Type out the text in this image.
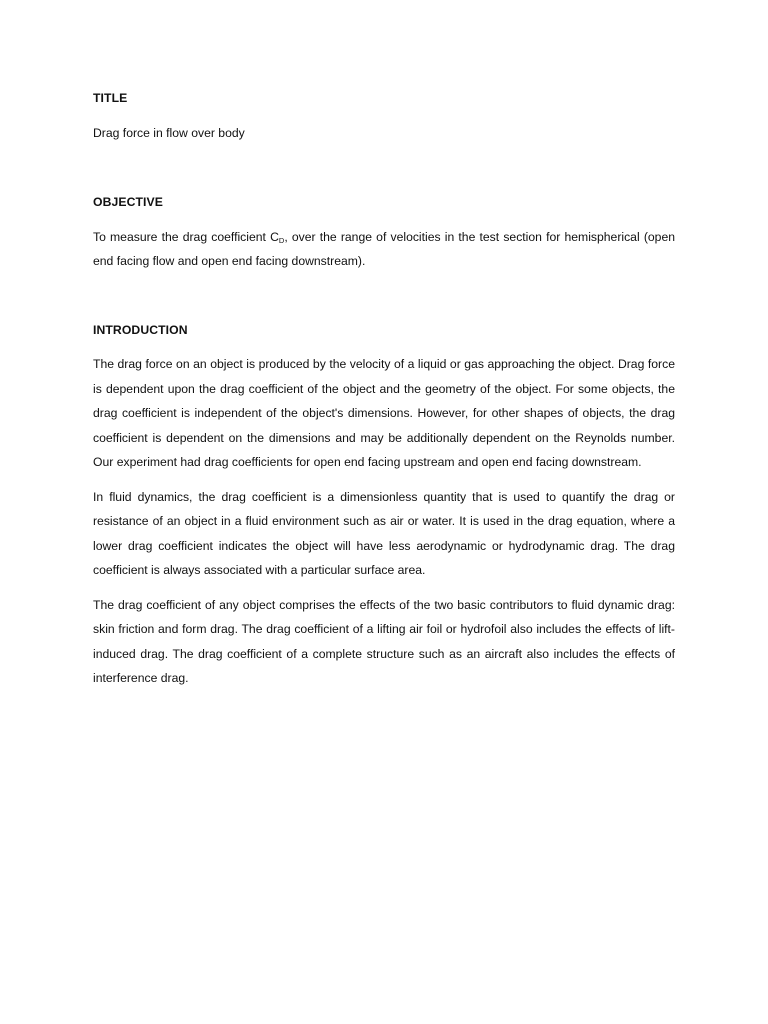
TITLE

Drag force in flow over body

OBJECTIVE

To measure the drag coefficient $C_D$, over the range of velocities in the test section for hemispherical (open end facing flow and open end facing downstream).

INTRODUCTION

The drag force on an object is produced by the velocity of a liquid or gas approaching the object. Drag force is dependent upon the drag coefficient of the object and the geometry of the object. For some objects, the drag coefficient is independent of the object's dimensions. However, for other shapes of objects, the drag coefficient is dependent on the dimensions and may be additionally dependent on the Reynolds number. Our experiment had drag coefficients for open end facing upstream and open end facing downstream.

In fluid dynamics, the drag coefficient is a dimensionless quantity that is used to quantify the drag or resistance of an object in a fluid environment such as air or water. It is used in the drag equation, where a lower drag coefficient indicates the object will have less aerodynamic or hydrodynamic drag. The drag coefficient is always associated with a particular surface area.

The drag coefficient of any object comprises the effects of the two basic contributors to fluid dynamic drag: skin friction and form drag. The drag coefficient of a lifting air foil or hydrofoil also includes the effects of lift-induced drag. The drag coefficient of a complete structure such as an aircraft also includes the effects of interference drag.
